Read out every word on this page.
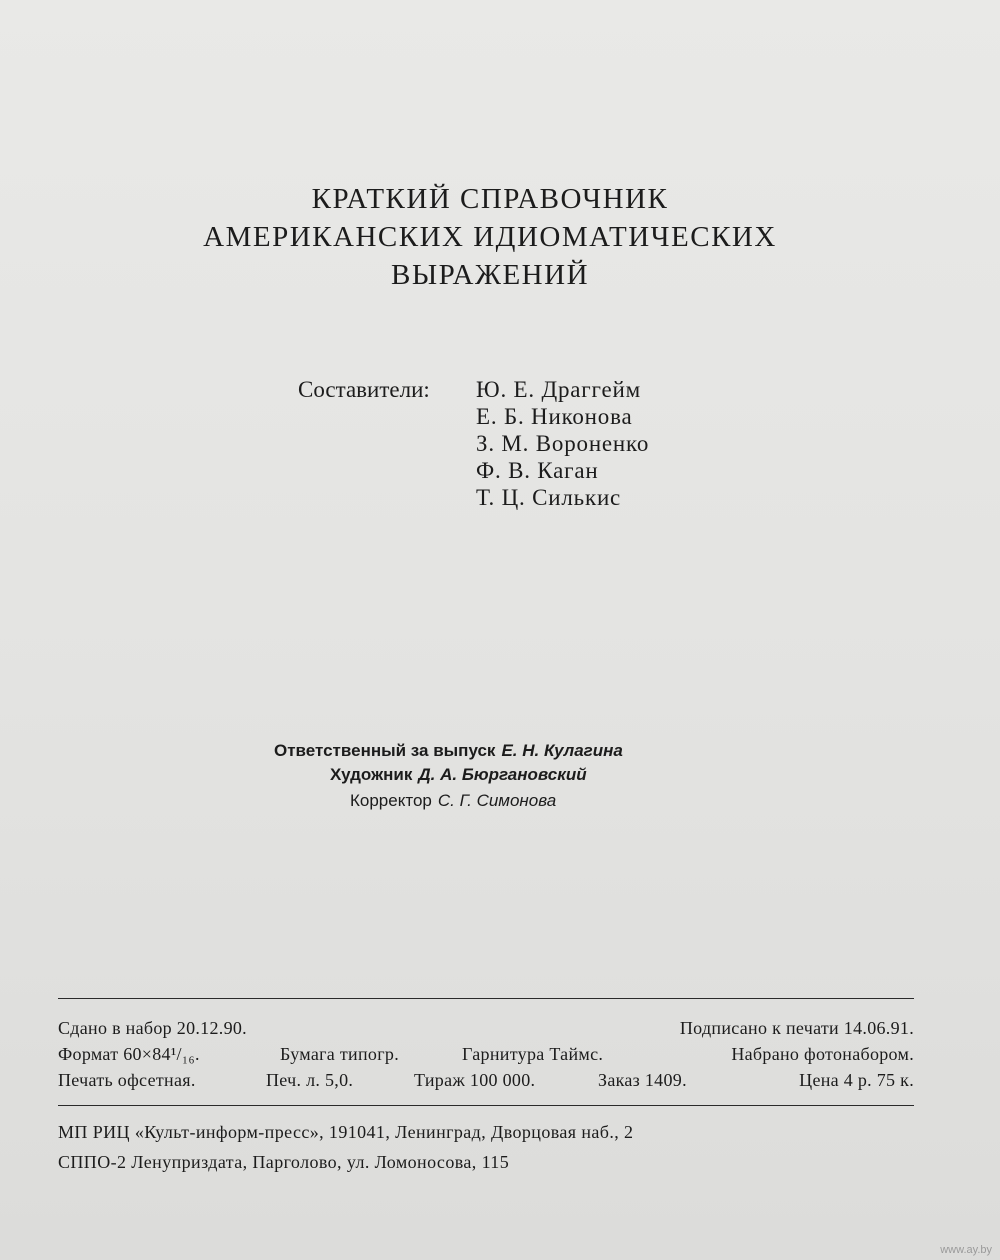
КРАТКИЙ СПРАВОЧНИК
АМЕРИКАНСКИХ ИДИОМАТИЧЕСКИХ
ВЫРАЖЕНИЙ
Составители: Ю. Е. Драггейм
Е. Б. Никонова
З. М. Вороненко
Ф. В. Каган
Т. Ц. Силькис
Ответственный за выпуск Е. Н. Кулагина
Художник Д. А. Бюргановский
Корректор С. Г. Симонова
Сдано в набор 20.12.90.	Подписано к печати 14.06.91.
Формат 60×84¹/₁₆.	Бумага типогр.	Гарнитура Таймс.	Набрано фотонабором.
Печать офсетная.	Печ. л. 5,0.	Тираж 100 000.	Заказ 1409.	Цена 4 р. 75 к.
МП РИЦ «Культ-информ-пресс», 191041, Ленинград, Дворцовая наб., 2
СППО-2 Ленуприздата, Парголово, ул. Ломоносова, 115
www.ay.by
